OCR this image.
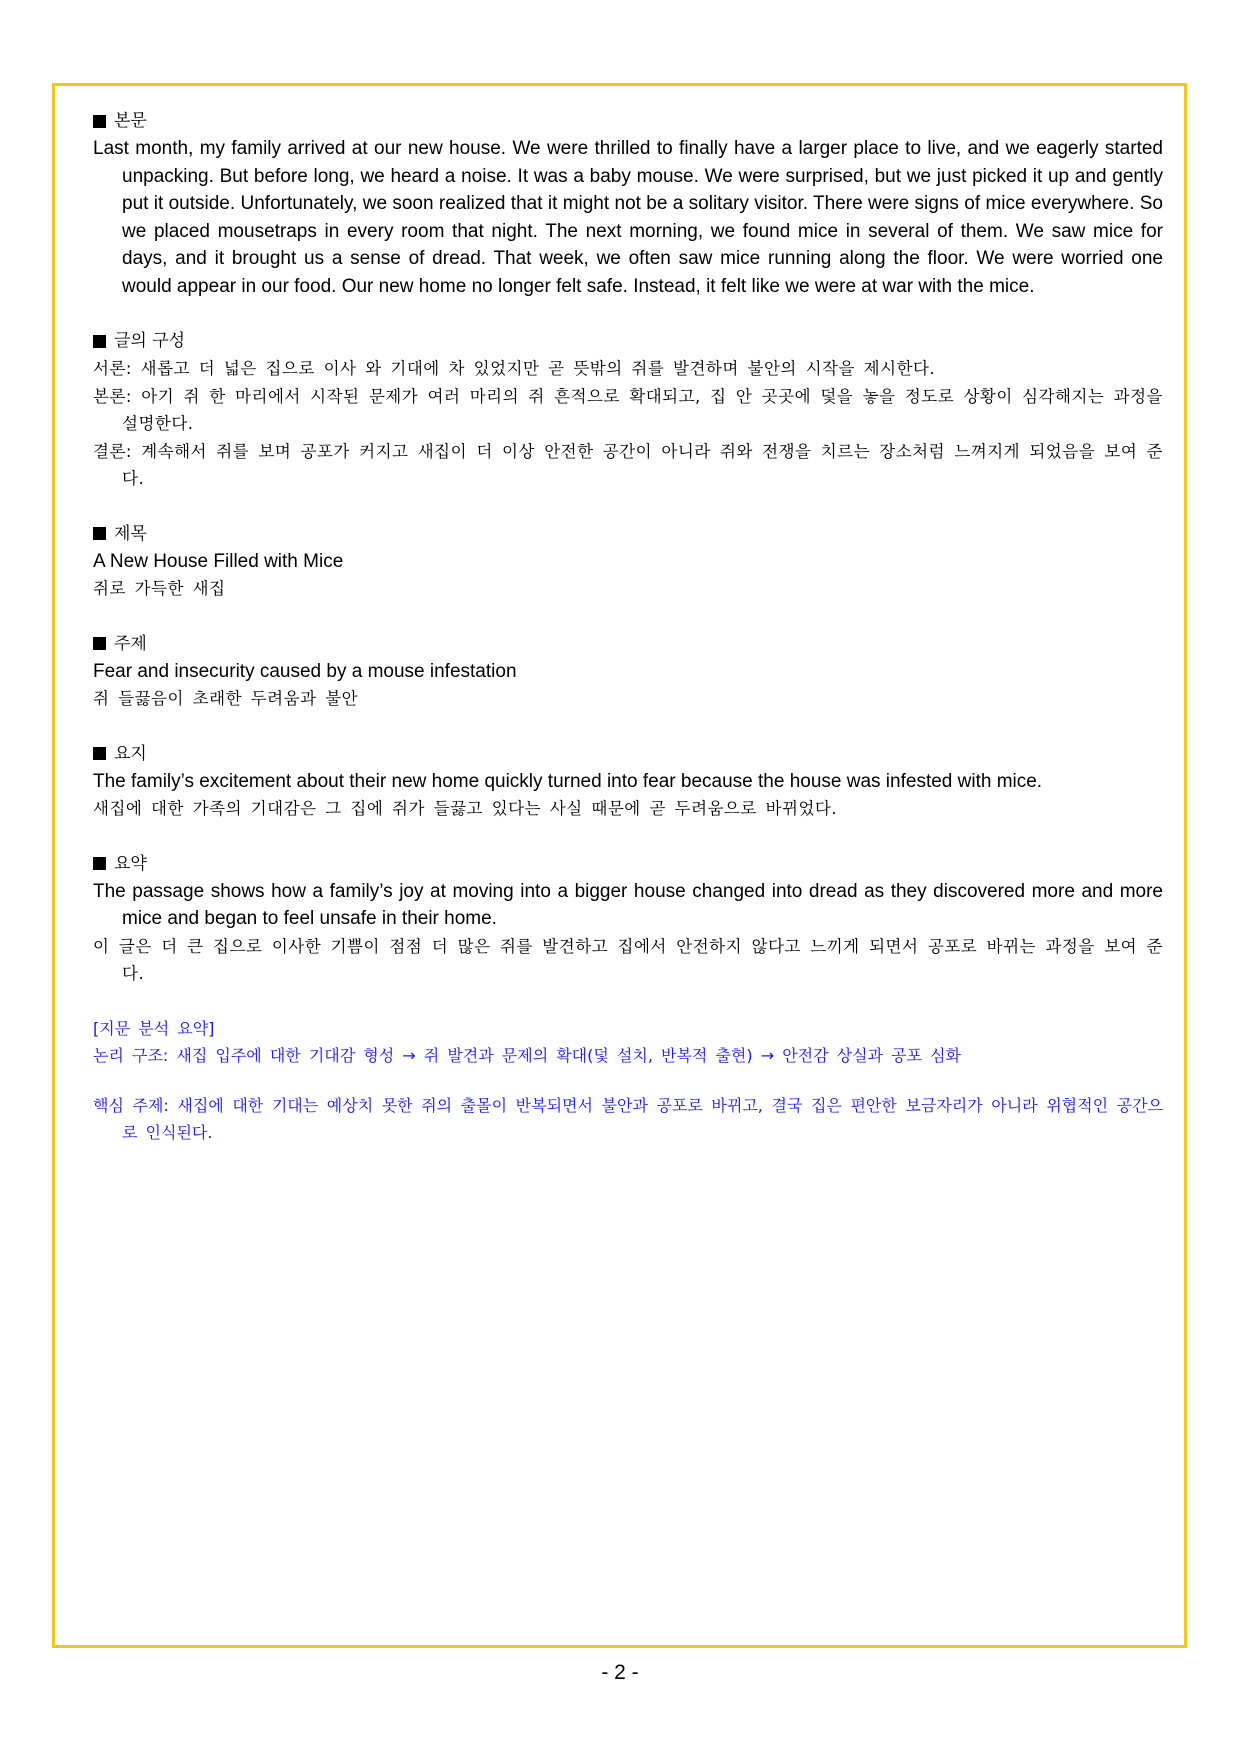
본문
Last month, my family arrived at our new house. We were thrilled to finally have a larger place to live, and we eagerly started unpacking. But before long, we heard a noise. It was a baby mouse. We were surprised, but we just picked it up and gently put it outside. Unfortunately, we soon realized that it might not be a solitary visitor. There were signs of mice everywhere. So we placed mousetraps in every room that night. The next morning, we found mice in several of them. We saw mice for days, and it brought us a sense of dread. That week, we often saw mice running along the floor. We were worried one would appear in our food. Our new home no longer felt safe. Instead, it felt like we were at war with the mice.
글의 구성
서론: 새롭고 더 넓은 집으로 이사 와 기대에 차 있었지만 곧 뜻밖의 쥐를 발견하며 불안의 시작을 제시한다.
본론: 아기 쥐 한 마리에서 시작된 문제가 여러 마리의 쥐 흔적으로 확대되고, 집 안 곳곳에 덫을 놓을 정도로 상황이 심각해지는 과정을 설명한다.
결론: 계속해서 쥐를 보며 공포가 커지고 새집이 더 이상 안전한 공간이 아니라 쥐와 전쟁을 치르는 장소처럼 느껴지게 되었음을 보여 준다.
제목
A New House Filled with Mice
쥐로 가득한 새집
주제
Fear and insecurity caused by a mouse infestation
쥐 들끓음이 초래한 두려움과 불안
요지
The family’s excitement about their new home quickly turned into fear because the house was infested with mice.
새집에 대한 가족의 기대감은 그 집에 쥐가 들끓고 있다는 사실 때문에 곧 두려움으로 바뀌었다.
요약
The passage shows how a family’s joy at moving into a bigger house changed into dread as they discovered more and more mice and began to feel unsafe in their home.
이 글은 더 큰 집으로 이사한 기쁨이 점점 더 많은 쥐를 발견하고 집에서 안전하지 않다고 느끼게 되면서 공포로 바뀌는 과정을 보여 준다.
[지문 분석 요약]
논리 구조: 새집 입주에 대한 기대감 형성 → 쥐 발견과 문제의 확대(덫 설치, 반복적 출현) → 안전감 상실과 공포 심화
핵심 주제: 새집에 대한 기대는 예상치 못한 쥐의 출몰이 반복되면서 불안과 공포로 바뀌고, 결국 집은 편안한 보금자리가 아니라 위협적인 공간으로 인식된다.
- 2 -
